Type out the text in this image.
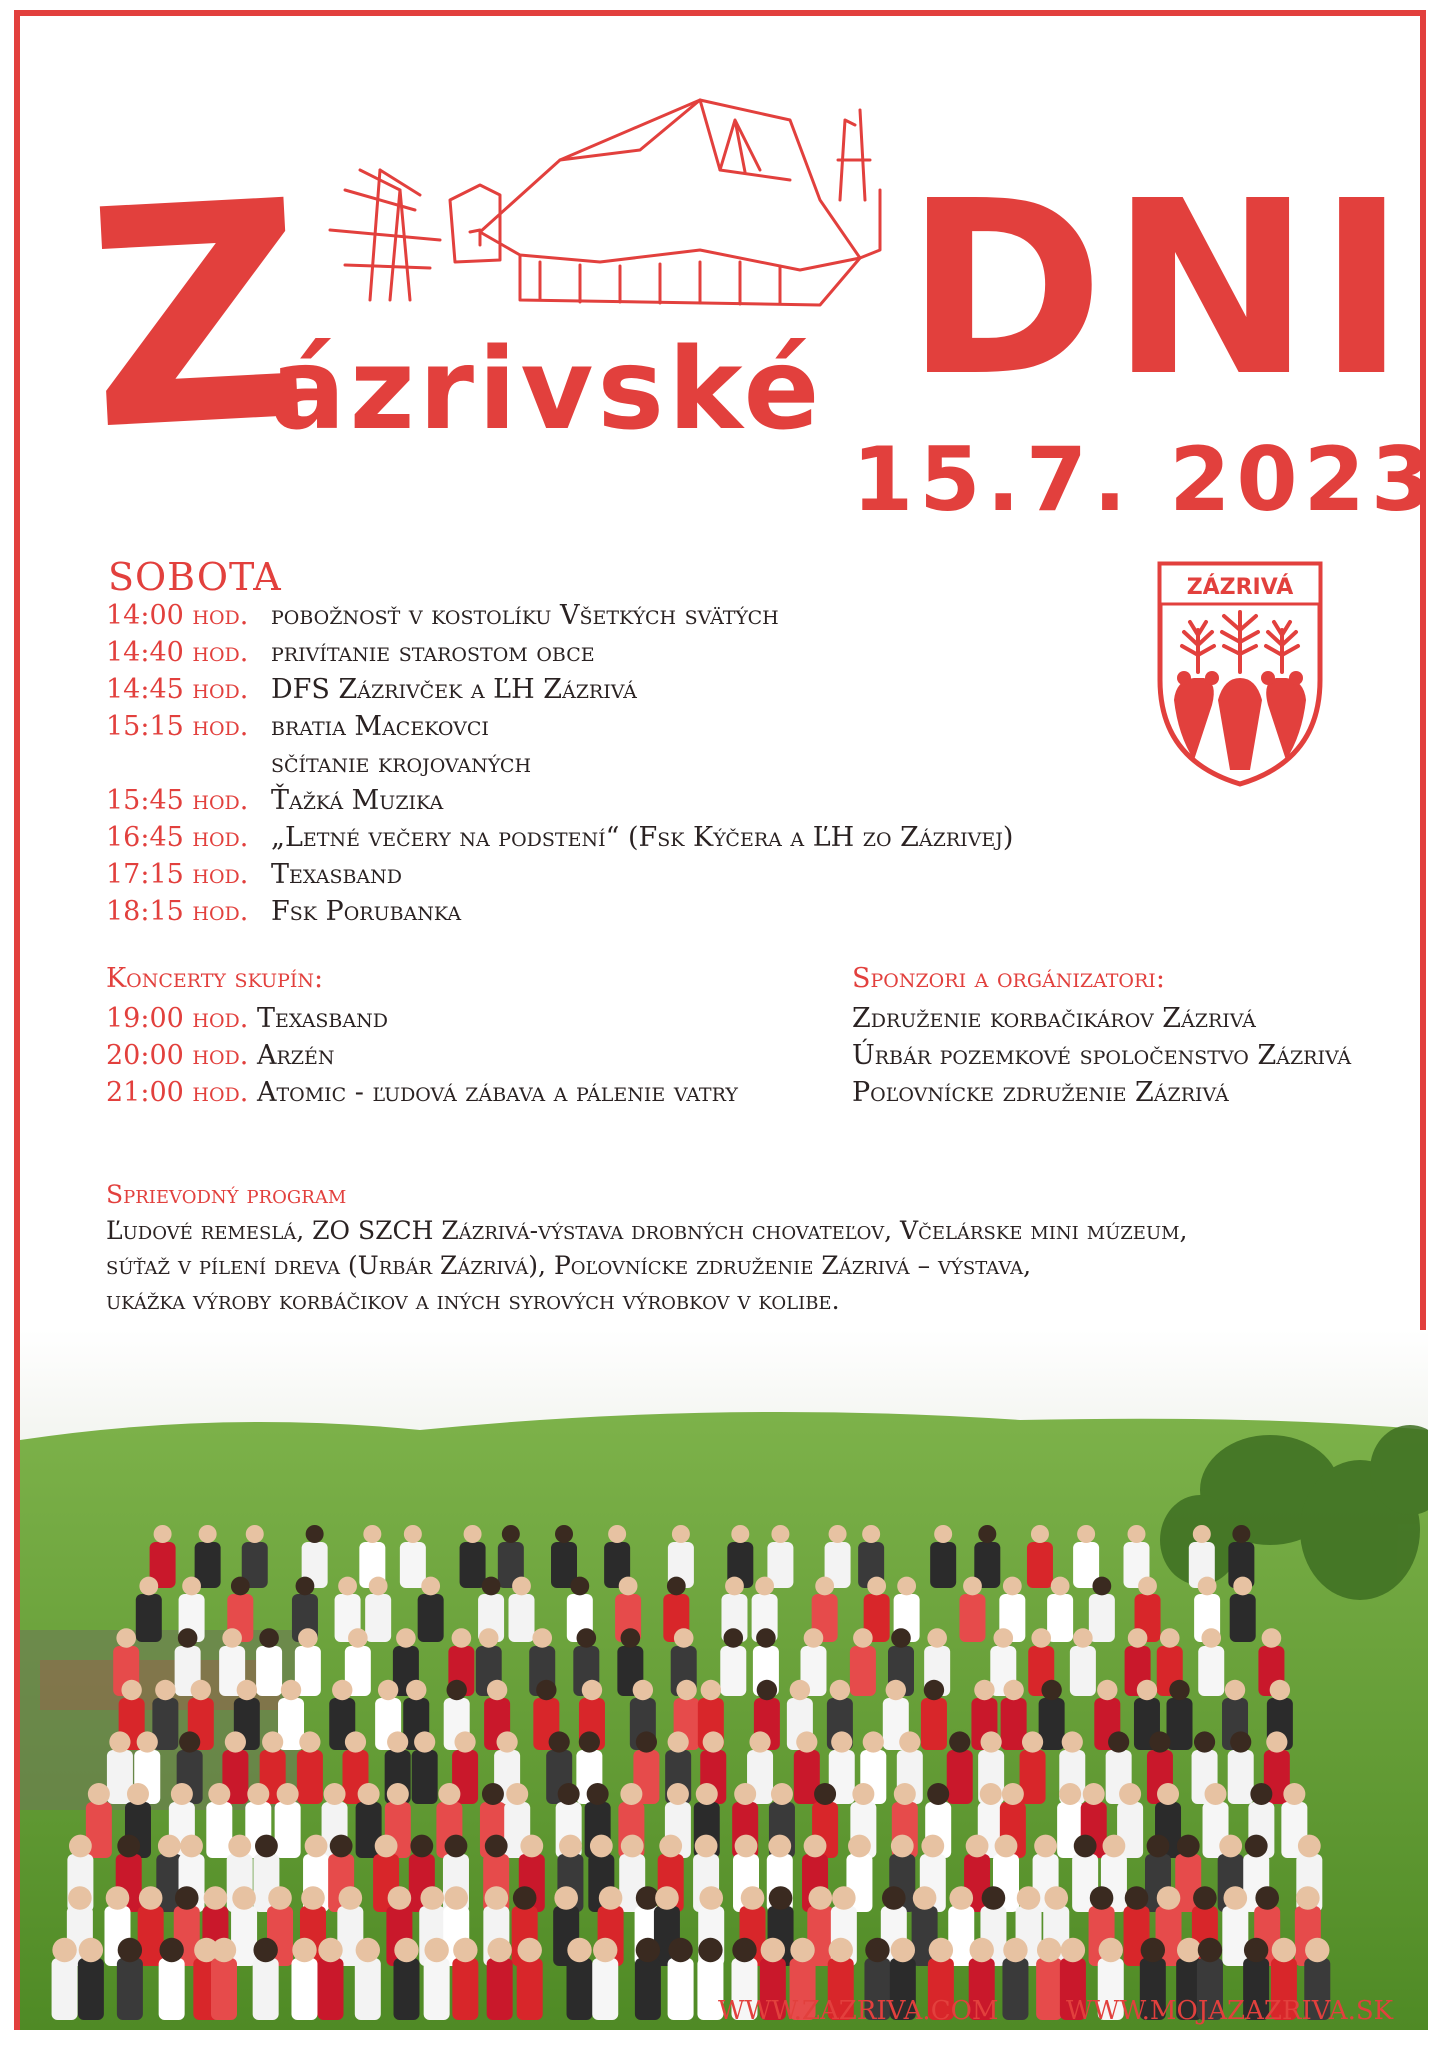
Z
ázrivské DNI
15.7. 2023
ZÁZRIVÁ
SOBOTA
14:00 hod. pobožnosť v kostolíku Všetkých svätých
14:40 hod. privítanie starostom obce
14:45 hod. DFS Zázrivček a ĽH Zázrivá
15:15 hod. bratia Macekovci
sčítanie krojovaných
15:45 hod. Ťažká Muzika
16:45 hod. „Letné večery na podstení“ (Fsk Kýčera a ĽH zo Zázrivej)
17:15 hod. Texasband
18:15 hod. Fsk Porubanka
Koncerty skupín:
19:00 hod. Texasband
20:00 hod. Arzén
21:00 hod. Atomic - ľudová zábava a pálenie vatry
Sponzori a orgánizatori:
Združenie korbačikárov Zázrivá
Úrbár pozemkové spoločenstvo Zázrivá
Poľovnícke združenie Zázrivá
Sprievodný program
Ľudové remeslá, ZO SZCH Zázrivá-výstava drobných chovateľov, Včelárske mini múzeum,
súťaž v pílení dreva (Urbár Zázrivá), Poľovnícke združenie Zázrivá – výstava,
ukážka výroby korbáčikov a iných syrových výrobkov v kolibe.
WWW.ZAZRIVA.COM	WWW.MOJAZAZRIVA.SK
